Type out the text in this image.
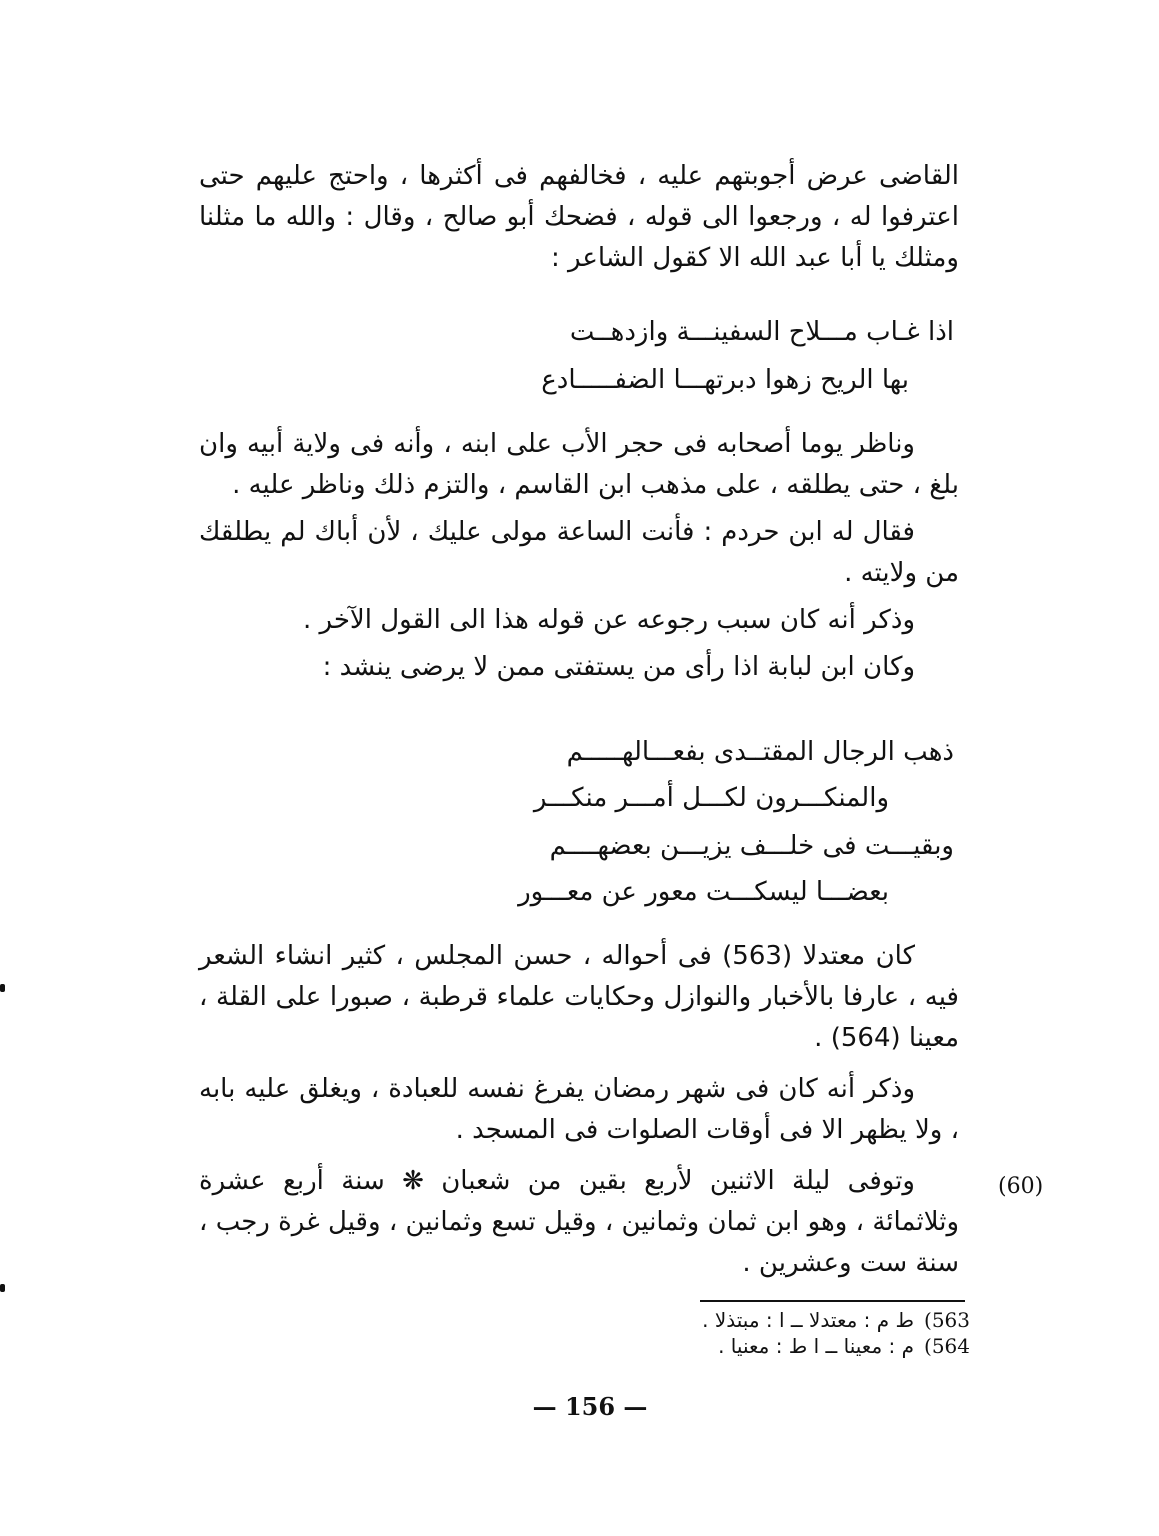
القاضى عرض أجوبتهم عليه ، فخالفهم فى أكثرها ، واحتج عليهم حتى اعترفوا له ، ورجعوا الى قوله ، فضحك أبو صالح ، وقال : والله ما مثلنا ومثلك يا أبا عبد الله الا كقول الشاعر :

اذا غـاب مـــلاح السفينـــة وازدهــت
بها الريح زهوا دبرتهـــا الضفـــــادع

وناظر يوما أصحابه فى حجر الأب على ابنه ، وأنه فى ولاية أبيه وان بلغ ، حتى يطلقه ، على مذهب ابن القاسم ، والتزم ذلك وناظر عليه .

فقال له ابن حردم : فأنت الساعة مولى عليك ، لأن أباك لم يطلقك من ولايته .

وذكر أنه كان سبب رجوعه عن قوله هذا الى القول الآخر .

وكان ابن لبابة اذا رأى من يستفتى ممن لا يرضى ينشد :

ذهب الرجال المقتــدى بفعـــالهـــــم
والمنكـــرون لكـــل أمـــر منكـــر
وبقيـــت فى خلـــف يزيـــن بعضهــــم
بعضـــا ليسكـــت معور عن معـــور

كان معتدلا (563) فى أحواله ، حسن المجلس ، كثير انشاء الشعر فيه ، عارفا بالأخبار والنوازل وحكايات علماء قرطبة ، صبورا على القلة ، معينا (564) .

وذكر أنه كان فى شهر رمضان يفرغ نفسه للعبادة ، ويغلق عليه بابه ، ولا يظهر الا فى أوقات الصلوات فى المسجد .

وتوفى ليلة الاثنين لأربع بقين من شعبان ❋ سنة أربع عشرة وثلاثمائة ، وهو ابن ثمان وثمانين ، وقيل تسع وثمانين ، وقيل غرة رجب ، سنة ست وعشرين .

(60)
563)ط م : معتدلا ــ ا : مبتذلا .
564)م : معينا ــ ا ط : معنيا .
— 156 —
